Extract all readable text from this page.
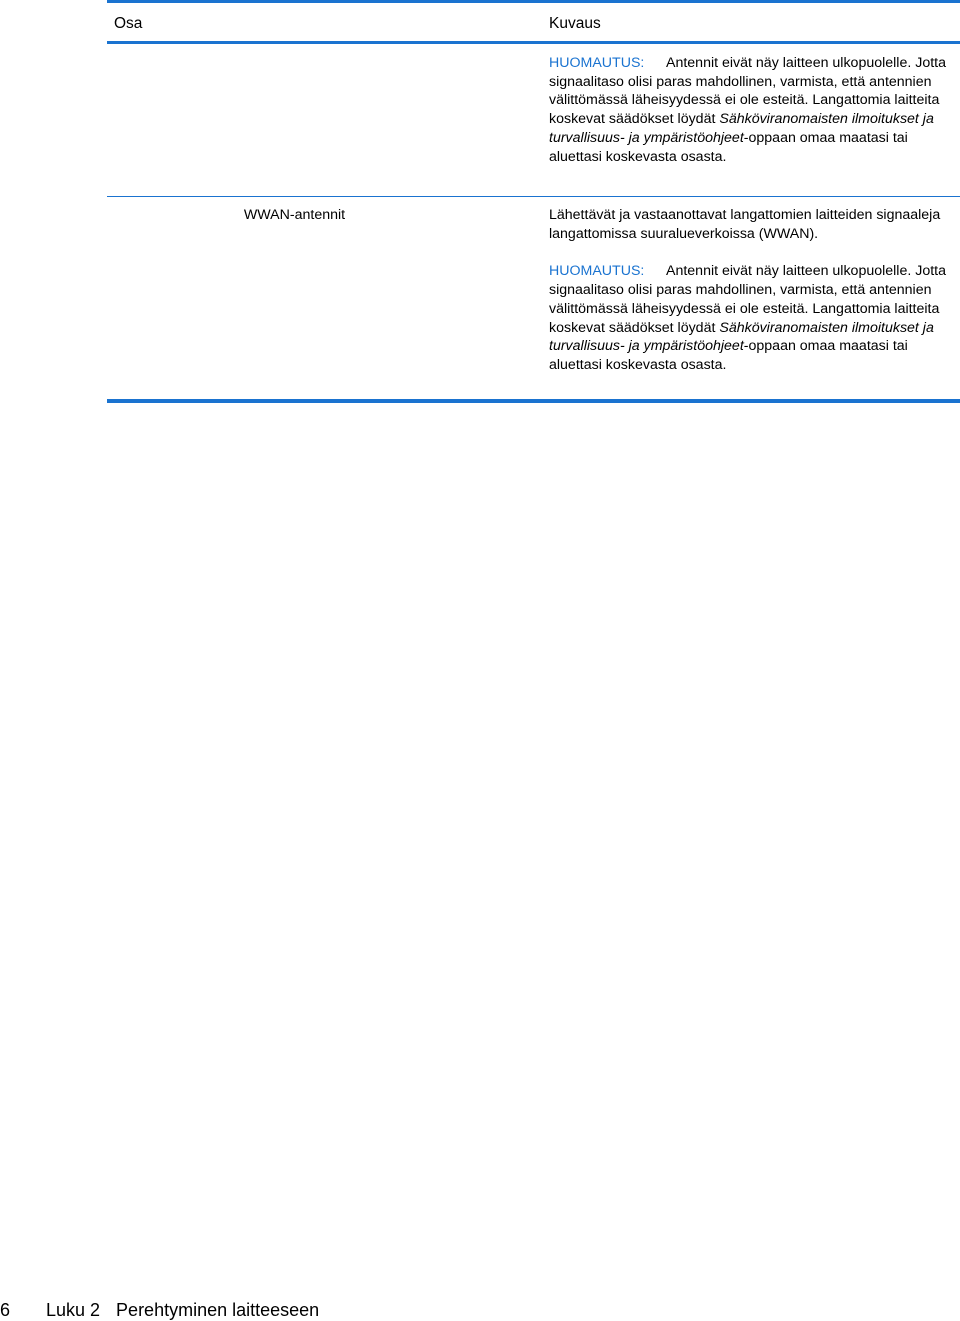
Osa	Kuvaus

HUOMAUTUS: Antennit eivät näy laitteen ulkopuolelle. Jotta signaalitaso olisi paras mahdollinen, varmista, että antennien välittömässä läheisyydessä ei ole esteitä. Langattomia laitteita koskevat säädökset löydät Sähköviranomaisten ilmoitukset ja turvallisuus- ja ympäristöohjeet-oppaan omaa maatasi tai aluettasi koskevasta osasta.

WWAN-antennit	Lähettävät ja vastaanottavat langattomien laitteiden signaaleja langattomissa suuralueverkoissa (WWAN).

HUOMAUTUS: Antennit eivät näy laitteen ulkopuolelle. Jotta signaalitaso olisi paras mahdollinen, varmista, että antennien välittömässä läheisyydessä ei ole esteitä. Langattomia laitteita koskevat säädökset löydät Sähköviranomaisten ilmoitukset ja turvallisuus- ja ympäristöohjeet-oppaan omaa maatasi tai aluettasi koskevasta osasta.

6 Luku 2 Perehtyminen laitteeseen
